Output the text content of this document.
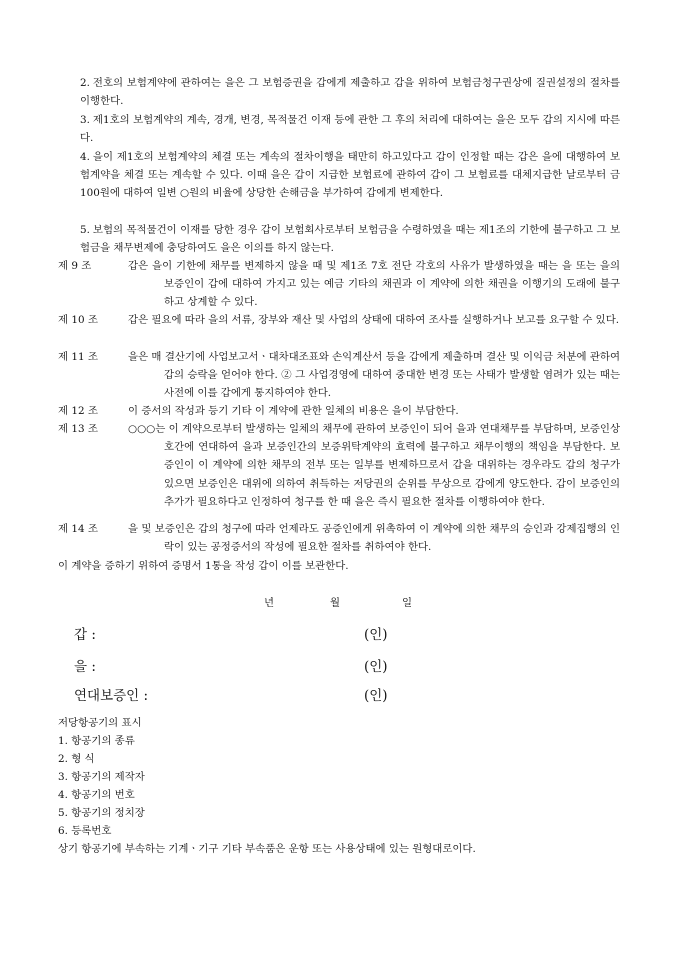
2. 전호의 보험계약에 관하여는 을은 그 보험증권을 갑에게 제출하고 갑을 위하여 보험금청구권상에 질권설정의 절차를 이행한다.
3. 제1호의 보험계약의 계속, 경개, 변경, 목적물건 이재 등에 관한 그 후의 처리에 대하여는 을은 모두 갑의 지시에 따른다.
4. 을이 제1호의 보험계약의 체결 또는 계속의 절차이행을 태만히 하고있다고 갑이 인정할 때는 갑은 을에 대행하여 보험계약을 체결 또는 계속할 수 있다. 이때 을은 갑이 지급한 보험료에 관하여 갑이 그 보험료를 대체지급한 날로부터 금 100원에 대하여 일변 ○원의 비율에 상당한 손해금을 부가하여 갑에게 변제한다.
5. 보험의 목적물건이 이재를 당한 경우 갑이 보험회사로부터 보험금을 수령하였을 때는 제1조의 기한에 불구하고 그 보험금을 채무변제에 충당하여도 을은 이의를 하지 않는다.
제 9 조	갑은 을이 기한에 채무를 변제하지 않을 때 및 제1조 7호 전단 각호의 사유가 발생하였을 때는 을 또는 을의 보증인이 갑에 대하여 가지고 있는 예금 기타의 채권과 이 계약에 의한 채권을 이행기의 도래에 불구하고 상계할 수 있다.
제 10 조	갑은 필요에 따라 을의 서류, 장부와 재산 및 사업의 상태에 대하여 조사를 실행하거나 보고를 요구할 수 있다.
제 11 조	을은 매 결산기에 사업보고서ㆍ대차대조표와 손익계산서 등을 갑에게 제출하며 결산 및 이익금 처분에 관하여 갑의 승락을 얻어야 한다. ② 그 사업경영에 대하여 중대한 변경 또는 사태가 발생할 염려가 있는 때는 사전에 이를 갑에게 통지하여야 한다.
제 12 조	이 증서의 작성과 등기 기타 이 계약에 관한 일체의 비용은 을이 부담한다.
제 13 조	○○○는 이 계약으로부터 발생하는 일체의 채무에 관하여 보증인이 되어 을과 연대채무를 부담하며, 보증인상호간에 연대하여 을과 보증인간의 보증위탁계약의 효력에 불구하고 채무이행의 책임을 부담한다. 보증인이 이 계약에 의한 채무의 전부 또는 일부를 변제하므로서 갑을 대위하는 경우라도 갑의 청구가 있으면 보증인은 대위에 의하여 취득하는 저당권의 순위를 무상으로 갑에게 양도한다. 갑이 보증인의 추가가 필요하다고 인정하여 청구를 한 때 을은 즉시 필요한 절차를 이행하여야 한다.
제 14 조	을 및 보증인은 갑의 청구에 따라 언제라도 공증인에게 위촉하여 이 계약에 의한 채무의 승인과 강제집행의 인락이 있는 공정증서의 작성에 필요한 절차를 취하여야 한다.
이 계약을 증하기 위하여 증명서 1통을 작성 갑이 이를 보관한다.
년	월	일
갑 :	(인)
을 :	(인)
연대보증인 :	(인)
저당항공기의 표시
1. 항공기의 종류
2. 형 식
3. 항공기의 제작자
4. 항공기의 번호
5. 항공기의 정치장
6. 등록번호
상기 항공기에 부속하는 기계ㆍ기구 기타 부속품은 운항 또는 사용상태에 있는 원형대로이다.
